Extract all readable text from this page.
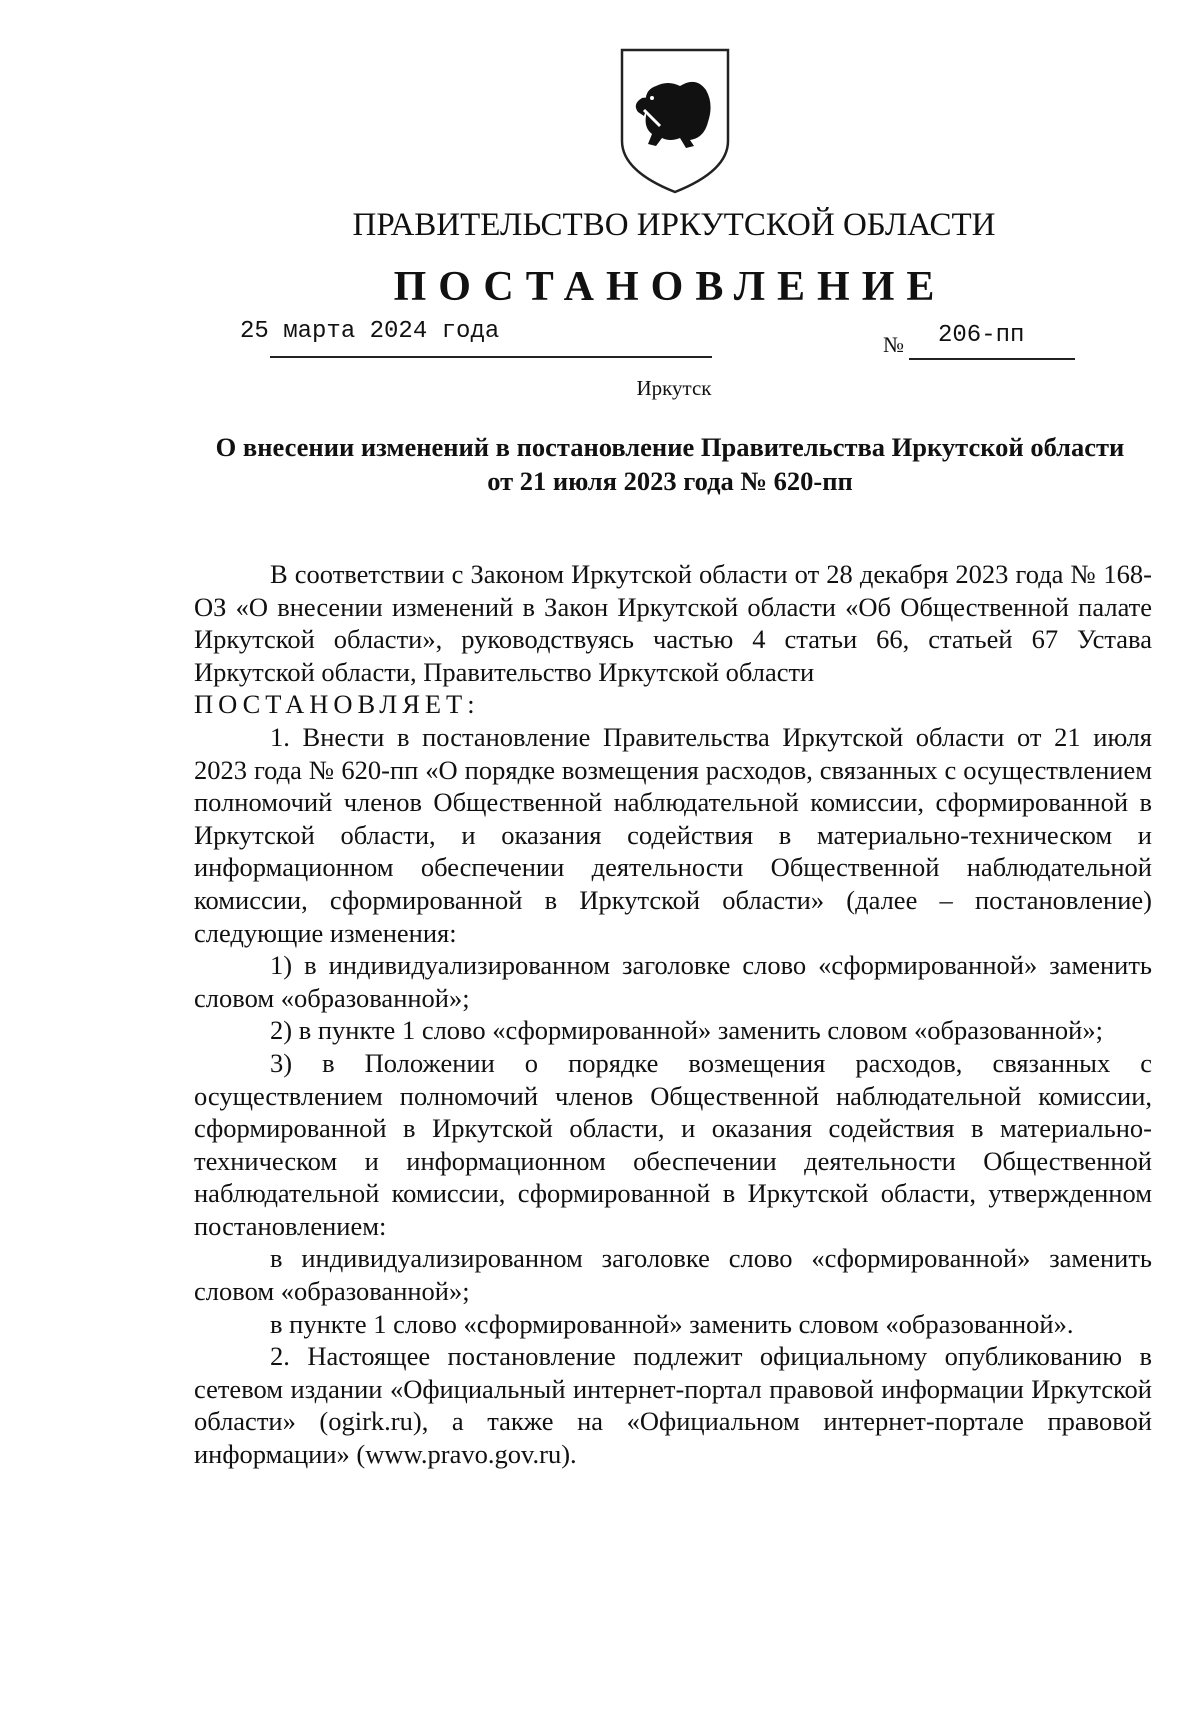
ПРАВИТЕЛЬСТВО ИРКУТСКОЙ ОБЛАСТИ
ПОСТАНОВЛЕНИЕ
25 марта 2024 года	№ 206-пп
Иркутск
О внесении изменений в постановление Правительства Иркутской области от 21 июля 2023 года № 620-пп

В соответствии с Законом Иркутской области от 28 декабря 2023 года № 168-ОЗ «О внесении изменений в Закон Иркутской области «Об Общественной палате Иркутской области», руководствуясь частью 4 статьи 66, статьей 67 Устава Иркутской области, Правительство Иркутской области

ПОСТАНОВЛЯЕТ:

1. Внести в постановление Правительства Иркутской области от 21 июля 2023 года № 620-пп «О порядке возмещения расходов, связанных с осуществлением полномочий членов Общественной наблюдательной комиссии, сформированной в Иркутской области, и оказания содействия в материально-техническом и информационном обеспечении деятельности Общественной наблюдательной комиссии, сформированной в Иркутской области» (далее – постановление) следующие изменения:

1) в индивидуализированном заголовке слово «сформированной» заменить словом «образованной»;

2) в пункте 1 слово «сформированной» заменить словом «образованной»;

3) в Положении о порядке возмещения расходов, связанных с осуществлением полномочий членов Общественной наблюдательной комиссии, сформированной в Иркутской области, и оказания содействия в материально-техническом и информационном обеспечении деятельности Общественной наблюдательной комиссии, сформированной в Иркутской области, утвержденном постановлением:

в индивидуализированном заголовке слово «сформированной» заменить словом «образованной»;

в пункте 1 слово «сформированной» заменить словом «образованной».

2. Настоящее постановление подлежит официальному опубликованию в сетевом издании «Официальный интернет-портал правовой информации Иркутской области» (ogirk.ru), а также на «Официальном интернет-портале правовой информации» (www.pravo.gov.ru).
